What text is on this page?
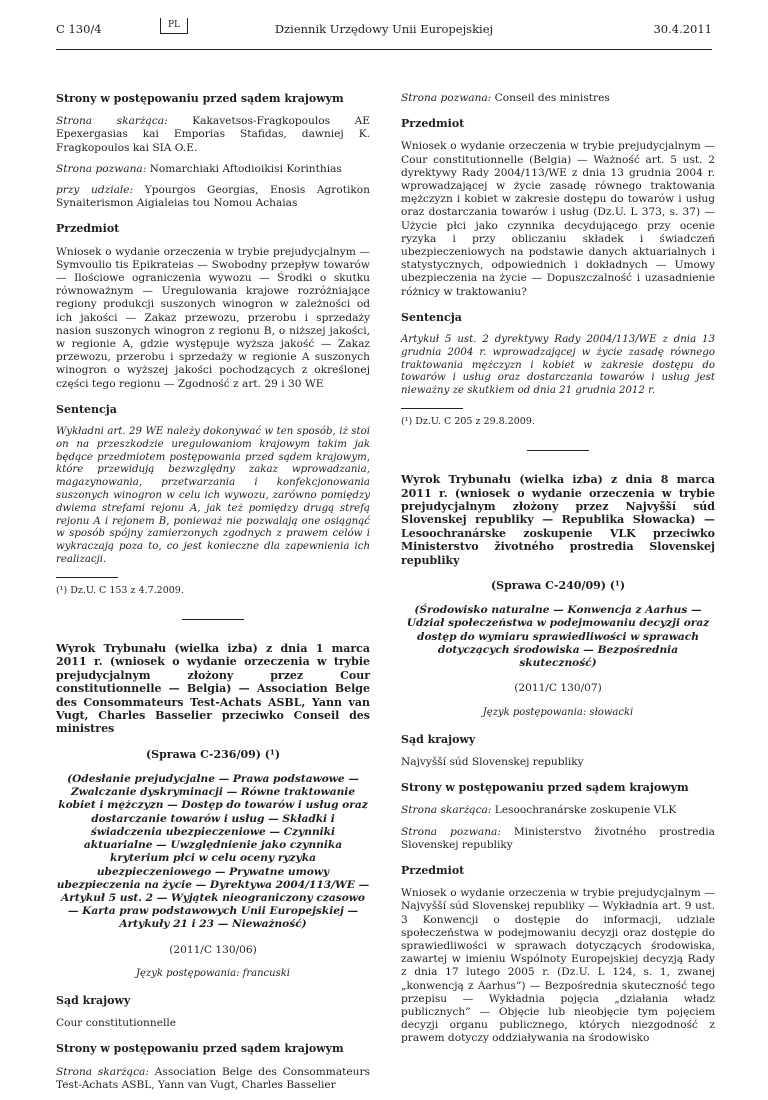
C 130/4	PL	Dziennik Urzędowy Unii Europejskiej	30.4.2011
Strony w postępowaniu przed sądem krajowym
Strona skarżąca: Kakavetsos-Fragkopoulos AE Epexergasias kai Emporias Stafidas, dawniej K. Fragkopoulos kai SIA O.E.
Strona pozwana: Nomarchiaki Aftodioikisi Korinthias
przy udziale: Ypourgos Georgias, Enosis Agrotikon Synaiterismon Aigialeias tou Nomou Achaias
Przedmiot
Wniosek o wydanie orzeczenia w trybie prejudycjalnym — Symvoulio tis Epikrateias — Swobodny przepływ towarów — Ilościowe ograniczenia wywozu — Środki o skutku równoważnym — Uregulowania krajowe rozróżniające regiony produkcji suszonych winogron w zależności od ich jakości — Zakaz przewozu, przerobu i sprzedaży nasion suszonych winogron z regionu B, o niższej jakości, w regionie A, gdzie występuje wyższa jakość — Zakaz przewozu, przerobu i sprzedaży w regionie A suszonych winogron o wyższej jakości pochodzących z określonej części tego regionu — Zgodność z art. 29 i 30 WE
Sentencja
Wykładni art. 29 WE należy dokonywać w ten sposób, iż stoi on na przeszkodzie uregulowaniom krajowym takim jak będące przedmiotem postępowania przed sądem krajowym, które przewidują bezwzględny zakaz wprowadzania, magazynowania, przetwarzania i konfekcjonowania suszonych winogron w celu ich wywozu, zarówno pomiędzy dwiema strefami rejonu A, jak też pomiędzy drugą strefą rejonu A i rejonem B, ponieważ nie pozwalają one osiągnąć w sposób spójny zamierzonych zgodnych z prawem celów i wykraczają poza to, co jest konieczne dla zapewnienia ich realizacji.
(¹) Dz.U. C 153 z 4.7.2009.
Wyrok Trybunału (wielka izba) z dnia 1 marca 2011 r. (wniosek o wydanie orzeczenia w trybie prejudycjalnym złożony przez Cour constitutionnelle — Belgia) — Association Belge des Consommateurs Test-Achats ASBL, Yann van Vugt, Charles Basselier przeciwko Conseil des ministres
(Sprawa C-236/09) (¹)
(Odesłanie prejudycjalne — Prawa podstawowe — Zwalczanie dyskryminacji — Równe traktowanie kobiet i mężczyzn — Dostęp do towarów i usług oraz dostarczanie towarów i usług — Składki i świadczenia ubezpieczeniowe — Czynniki aktuarialne — Uwzględnienie jako czynnika kryterium płci w celu oceny ryzyka ubezpieczeniowego — Prywatne umowy ubezpieczenia na życie — Dyrektywa 2004/113/WE — Artykuł 5 ust. 2 — Wyjątek nieograniczony czasowo — Karta praw podstawowych Unii Europejskiej — Artykuły 21 i 23 — Nieważność)
(2011/C 130/06)
Język postępowania: francuski
Sąd krajowy
Cour constitutionnelle
Strony w postępowaniu przed sądem krajowym
Strona skarżąca: Association Belge des Consommateurs Test-Achats ASBL, Yann van Vugt, Charles Basselier
Strona pozwana: Conseil des ministres
Przedmiot
Wniosek o wydanie orzeczenia w trybie prejudycjalnym — Cour constitutionnelle (Belgia) — Ważność art. 5 ust. 2 dyrektywy Rady 2004/113/WE z dnia 13 grudnia 2004 r. wprowadzającej w życie zasadę równego traktowania mężczyzn i kobiet w zakresie dostępu do towarów i usług oraz dostarczania towarów i usług (Dz.U. L 373, s. 37) — Użycie płci jako czynnika decydującego przy ocenie ryzyka i przy obliczaniu składek i świadczeń ubezpieczeniowych na podstawie danych aktuarialnych i statystycznych, odpowiednich i dokładnych — Umowy ubezpieczenia na życie — Dopuszczalność i uzasadnienie różnicy w traktowaniu?
Sentencja
Artykuł 5 ust. 2 dyrektywy Rady 2004/113/WE z dnia 13 grudnia 2004 r. wprowadzającej w życie zasadę równego traktowania mężczyzn i kobiet w zakresie dostępu do towarów i usług oraz dostarczania towarów i usług jest nieważny ze skutkiem od dnia 21 grudnia 2012 r.
(¹) Dz.U. C 205 z 29.8.2009.
Wyrok Trybunału (wielka izba) z dnia 8 marca 2011 r. (wniosek o wydanie orzeczenia w trybie prejudycjalnym złożony przez Najvyšší súd Slovenskej republiky — Republika Słowacka) — Lesoochranárske zoskupenie VLK przeciwko Ministerstvo životného prostredia Slovenskej republiky
(Sprawa C-240/09) (¹)
(Środowisko naturalne — Konwencja z Aarhus — Udział społeczeństwa w podejmowaniu decyzji oraz dostęp do wymiaru sprawiedliwości w sprawach dotyczących środowiska — Bezpośrednia skuteczność)
(2011/C 130/07)
Język postępowania: słowacki
Sąd krajowy
Najvyšší súd Slovenskej republiky
Strony w postępowaniu przed sądem krajowym
Strona skarżąca: Lesoochranárske zoskupenie VLK
Strona pozwana: Ministerstvo životného prostredia Slovenskej republiky
Przedmiot
Wniosek o wydanie orzeczenia w trybie prejudycjalnym — Najvyšší súd Slovenskej republiky — Wykładnia art. 9 ust. 3 Konwencji o dostępie do informacji, udziale społeczeństwa w podejmowaniu decyzji oraz dostępie do sprawiedliwości w sprawach dotyczących środowiska, zawartej w imieniu Wspólnoty Europejskiej decyzją Rady z dnia 17 lutego 2005 r. (Dz.U. L 124, s. 1, zwanej „konwencją z Aarhus”) — Bezpośrednia skuteczność tego przepisu — Wykładnia pojęcia „działania władz publicznych” — Objęcie lub nieobjęcie tym pojęciem decyzji organu publicznego, których niezgodność z prawem dotyczy oddziaływania na środowisko
